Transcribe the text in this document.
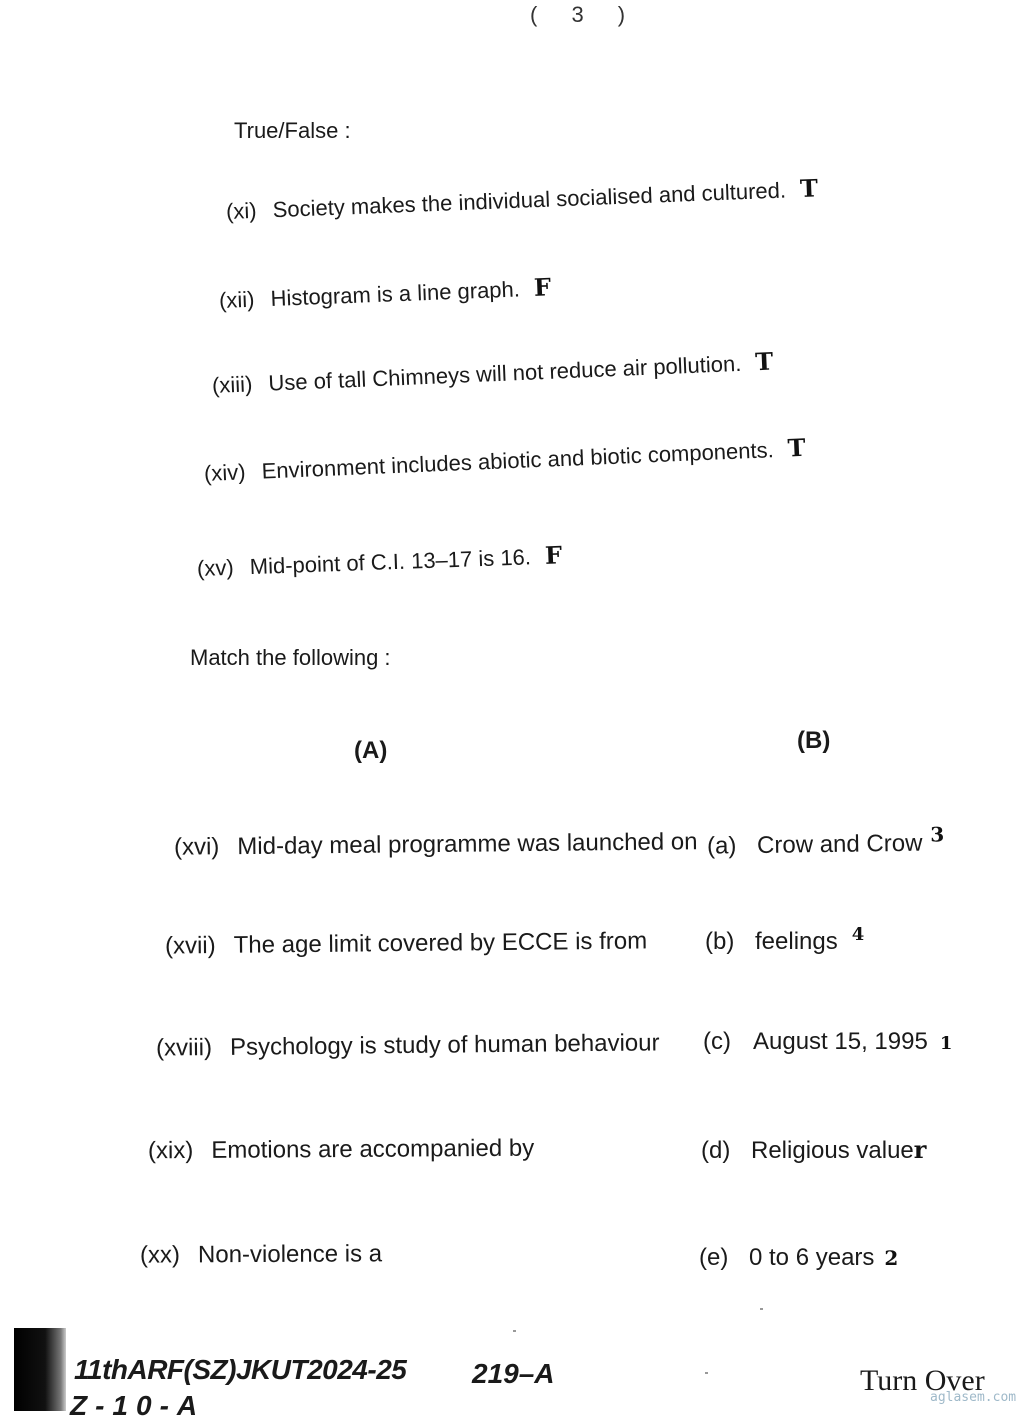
( 3 )
True/False :
(xi) Society makes the individual socialised and cultured. T
(xii) Histogram is a line graph. F
(xiii) Use of tall Chimneys will not reduce air pollution. T
(xiv) Environment includes abiotic and biotic components. T
(xv) Mid-point of C.I. 13–17 is 16. F
Match the following :
(A)	(B)
(xvi) Mid-day meal programme was launched on
(xvii) The age limit covered by ECCE is from
(xviii) Psychology is study of human behaviour
(xix) Emotions are accompanied by
(xx) Non-violence is a
(a) Crow and Crow 3
(b) feelings 4
(c) August 15, 1995 1
(d) Religious valuer
(e) 0 to 6 years 2
11thARF(SZ)JKUT2024-25
Z-10-A
219–A	Turn Over
aglasem.com
